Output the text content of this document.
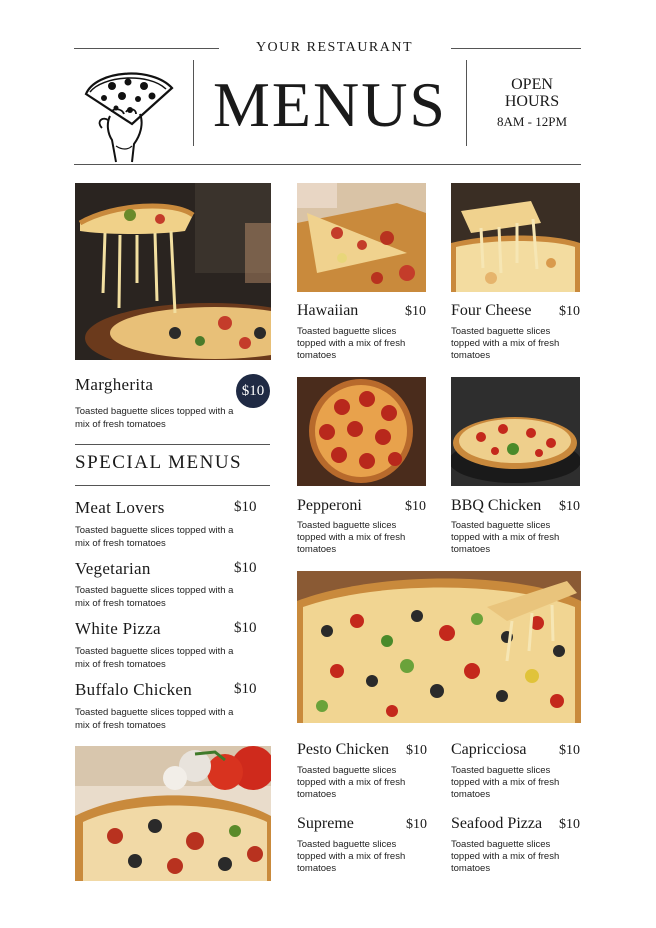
YOUR RESTAURANT
MENUS	OPEN HOURS
8AM - 12PM
Margherita	$10
Toasted baguette slices topped with a mix of fresh tomatoes
SPECIAL MENUS
Meat Lovers	$10
Toasted baguette slices topped with a mix of fresh tomatoes
Vegetarian	$10
Toasted baguette slices topped with a mix of fresh tomatoes
White Pizza	$10
Toasted baguette slices topped with a mix of fresh tomatoes
Buffalo Chicken	$10
Toasted baguette slices topped with a mix of fresh tomatoes
Hawaiian	$10
Toasted baguette slices topped with a mix of fresh tomatoes
Four Cheese $10
Toasted baguette slices topped with a mix of fresh tomatoes
Pepperoni	$10
Toasted baguette slices topped with a mix of fresh tomatoes
BBQ Chicken $10
Toasted baguette slices topped with a mix of fresh tomatoes
Pesto Chicken $10
Toasted baguette slices topped with a mix of fresh tomatoes
Capricciosa $10
Toasted baguette slices topped with a mix of fresh tomatoes
Supreme	$10
Toasted baguette slices topped with a mix of fresh tomatoes
Seafood Pizza $10
Toasted baguette slices topped with a mix of fresh tomatoes
